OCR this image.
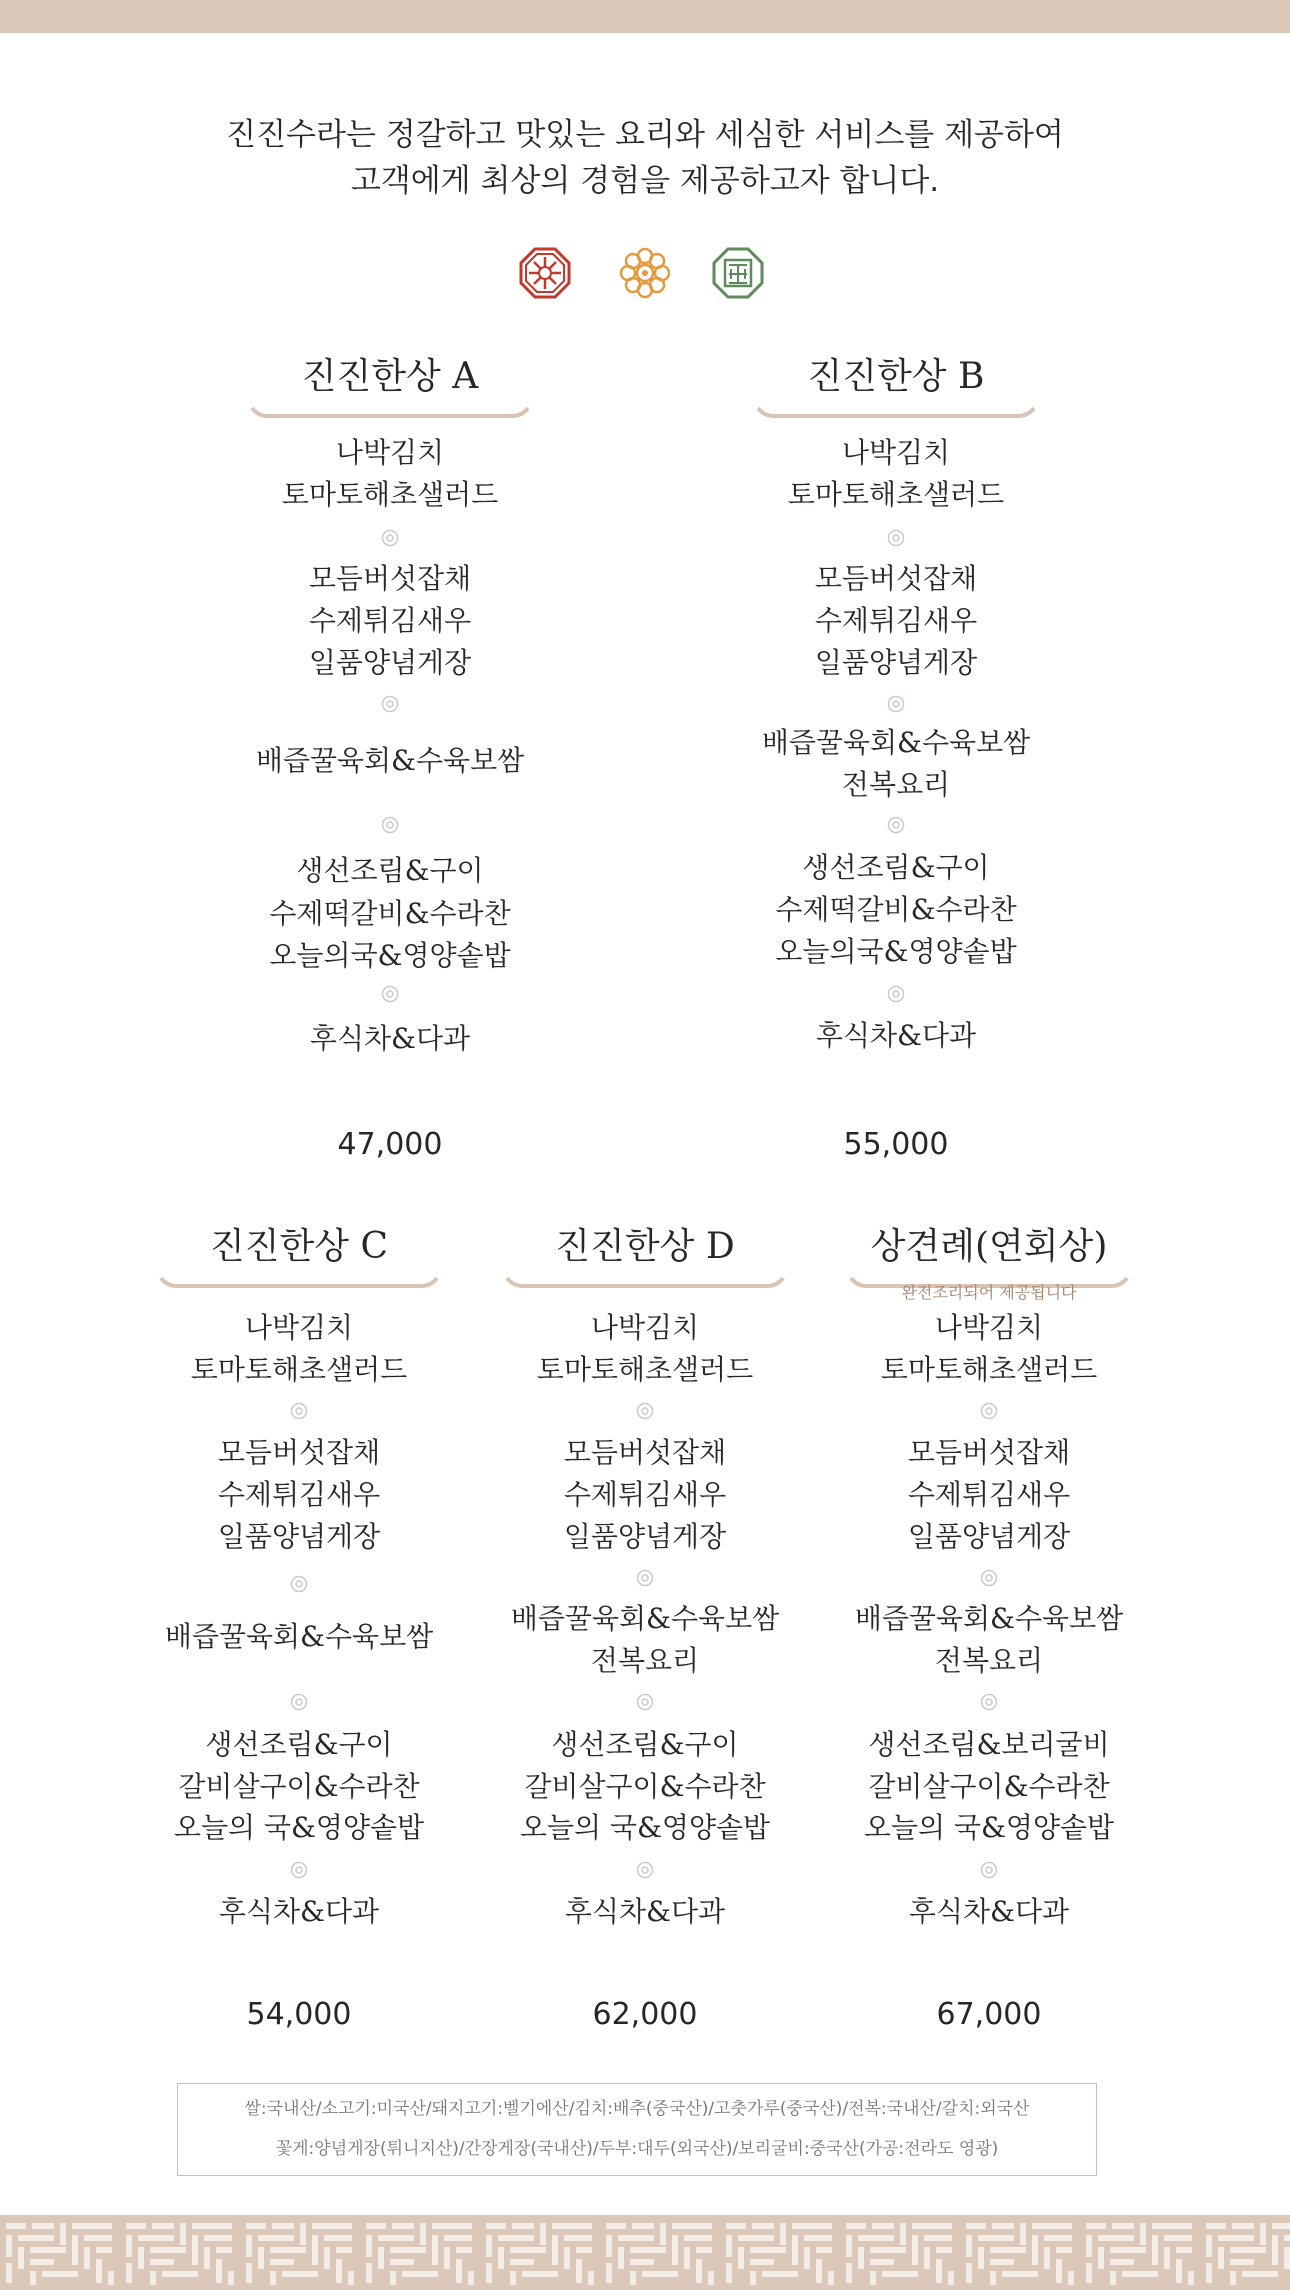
진진수라는 정갈하고 맛있는 요리와 세심한 서비스를 제공하여
고객에게 최상의 경험을 제공하고자 합니다.
진진한상 A
나박김치
토마토해초샐러드
모듬버섯잡채
수제튀김새우
일품양념게장
배즙꿀육회&수육보쌈
생선조림&구이
수제떡갈비&수라찬
오늘의국&영양솥밥
후식차&다과
47,000
진진한상 B
나박김치
토마토해초샐러드
모듬버섯잡채
수제튀김새우
일품양념게장
배즙꿀육회&수육보쌈
전복요리
생선조림&구이
수제떡갈비&수라찬
오늘의국&영양솥밥
후식차&다과
55,000
진진한상 C
나박김치
토마토해초샐러드
모듬버섯잡채
수제튀김새우
일품양념게장
배즙꿀육회&수육보쌈
생선조림&구이
갈비살구이&수라찬
오늘의 국&영양솥밥
후식차&다과
54,000
진진한상 D
나박김치
토마토해초샐러드
모듬버섯잡채
수제튀김새우
일품양념게장
배즙꿀육회&수육보쌈
전복요리
생선조림&구이
갈비살구이&수라찬
오늘의 국&영양솥밥
후식차&다과
62,000
상견례(연회상)
완전조리되어 제공됩니다
나박김치
토마토해초샐러드
모듬버섯잡채
수제튀김새우
일품양념게장
배즙꿀육회&수육보쌈
전복요리
생선조림&보리굴비
갈비살구이&수라찬
오늘의 국&영양솥밥
후식차&다과
67,000
쌀:국내산/소고기:미국산/돼지고기:벨기에산/김치:배추(중국산)/고춧가루(중국산)/전복:국내산/갈치:외국산
꽃게:양념게장(튀니지산)/간장게장(국내산)/두부:대두(외국산)/보리굴비:중국산(가공:전라도 영광)
